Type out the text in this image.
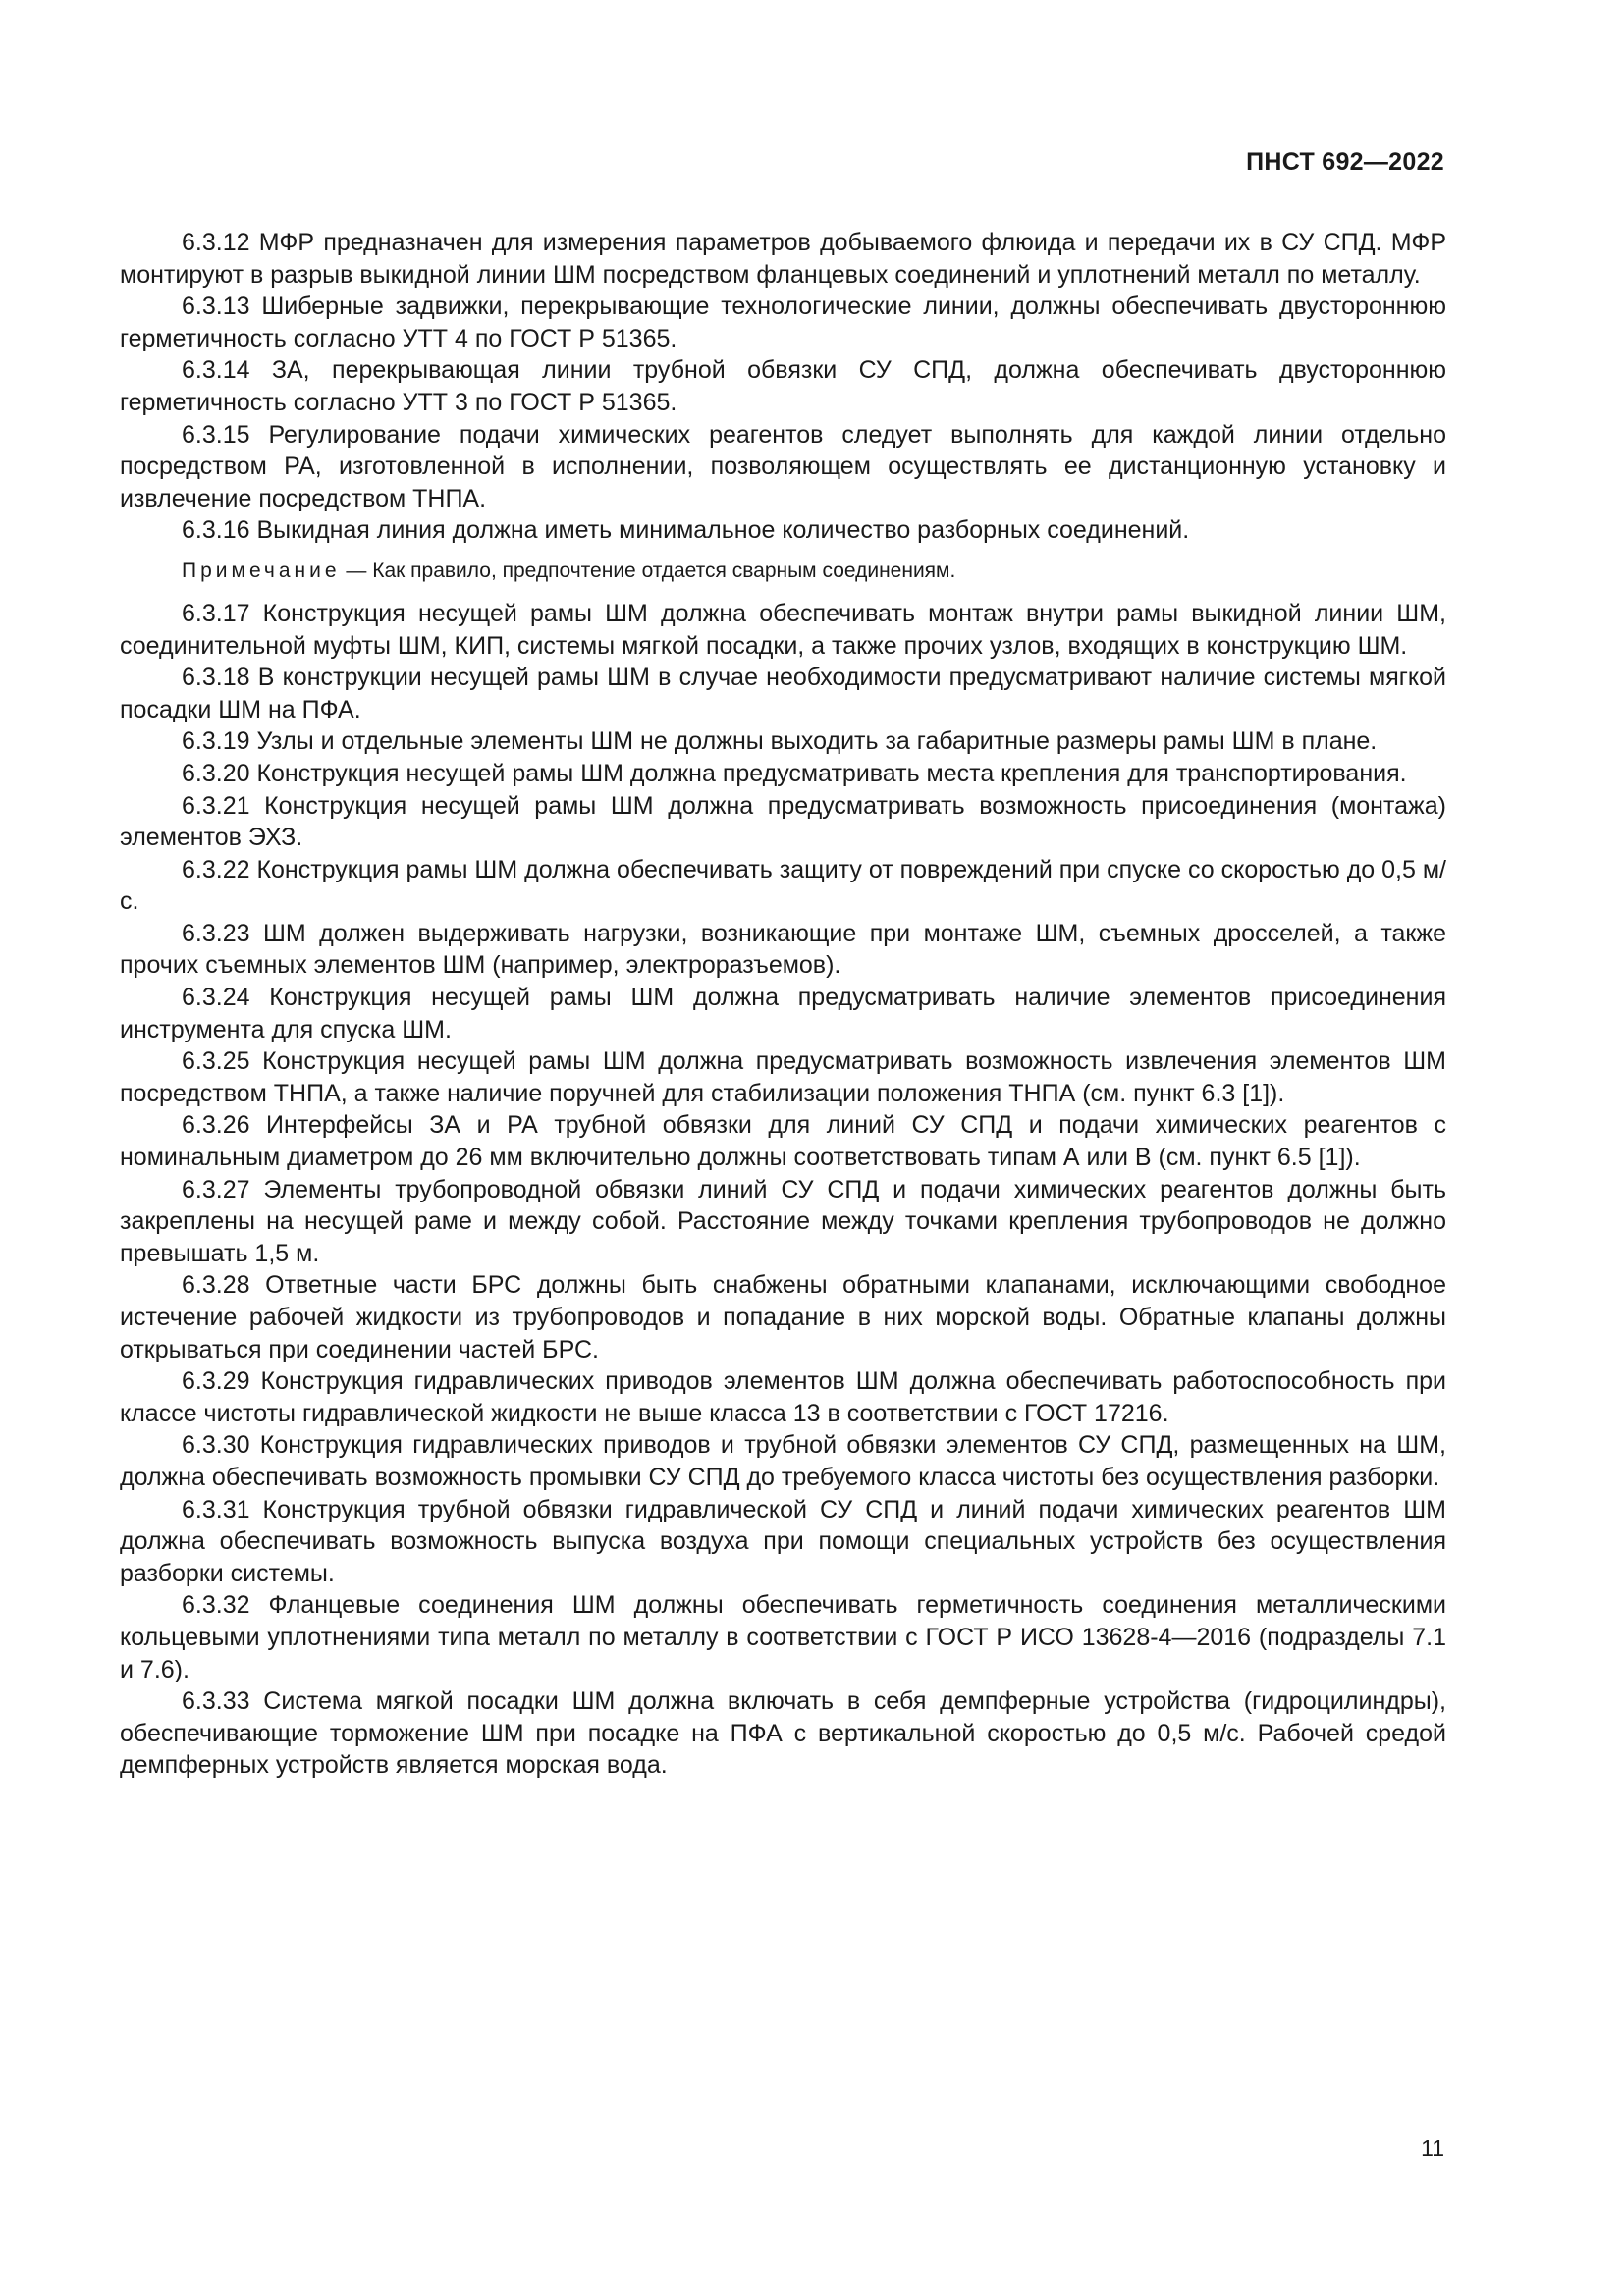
ПНСТ 692—2022

6.3.12 МФР предназначен для измерения параметров добываемого флюида и передачи их в СУ СПД. МФР монтируют в разрыв выкидной линии ШМ посредством фланцевых соединений и уплотнений металл по металлу.

6.3.13 Шиберные задвижки, перекрывающие технологические линии, должны обеспечивать двустороннюю герметичность согласно УТТ 4 по ГОСТ Р 51365.

6.3.14 ЗА, перекрывающая линии трубной обвязки СУ СПД, должна обеспечивать двустороннюю герметичность согласно УТТ 3 по ГОСТ Р 51365.

6.3.15 Регулирование подачи химических реагентов следует выполнять для каждой линии отдельно посредством РА, изготовленной в исполнении, позволяющем осуществлять ее дистанционную установку и извлечение посредством ТНПА.

6.3.16 Выкидная линия должна иметь минимальное количество разборных соединений.

Примечание — Как правило, предпочтение отдается сварным соединениям.

6.3.17 Конструкция несущей рамы ШМ должна обеспечивать монтаж внутри рамы выкидной линии ШМ, соединительной муфты ШМ, КИП, системы мягкой посадки, а также прочих узлов, входящих в конструкцию ШМ.

6.3.18 В конструкции несущей рамы ШМ в случае необходимости предусматривают наличие системы мягкой посадки ШМ на ПФА.

6.3.19 Узлы и отдельные элементы ШМ не должны выходить за габаритные размеры рамы ШМ в плане.

6.3.20 Конструкция несущей рамы ШМ должна предусматривать места крепления для транспортирования.

6.3.21 Конструкция несущей рамы ШМ должна предусматривать возможность присоединения (монтажа) элементов ЭХЗ.

6.3.22 Конструкция рамы ШМ должна обеспечивать защиту от повреждений при спуске со скоростью до 0,5 м/с.

6.3.23 ШМ должен выдерживать нагрузки, возникающие при монтаже ШМ, съемных дросселей, а также прочих съемных элементов ШМ (например, электроразъемов).

6.3.24 Конструкция несущей рамы ШМ должна предусматривать наличие элементов присоединения инструмента для спуска ШМ.

6.3.25 Конструкция несущей рамы ШМ должна предусматривать возможность извлечения элементов ШМ посредством ТНПА, а также наличие поручней для стабилизации положения ТНПА (см. пункт 6.3 [1]).

6.3.26 Интерфейсы ЗА и РА трубной обвязки для линий СУ СПД и подачи химических реагентов с номинальным диаметром до 26 мм включительно должны соответствовать типам А или В (см. пункт 6.5 [1]).

6.3.27 Элементы трубопроводной обвязки линий СУ СПД и подачи химических реагентов должны быть закреплены на несущей раме и между собой. Расстояние между точками крепления трубопроводов не должно превышать 1,5 м.

6.3.28 Ответные части БРС должны быть снабжены обратными клапанами, исключающими свободное истечение рабочей жидкости из трубопроводов и попадание в них морской воды. Обратные клапаны должны открываться при соединении частей БРС.

6.3.29 Конструкция гидравлических приводов элементов ШМ должна обеспечивать работоспособность при классе чистоты гидравлической жидкости не выше класса 13 в соответствии с ГОСТ 17216.

6.3.30 Конструкция гидравлических приводов и трубной обвязки элементов СУ СПД, размещенных на ШМ, должна обеспечивать возможность промывки СУ СПД до требуемого класса чистоты без осуществления разборки.

6.3.31 Конструкция трубной обвязки гидравлической СУ СПД и линий подачи химических реагентов ШМ должна обеспечивать возможность выпуска воздуха при помощи специальных устройств без осуществления разборки системы.

6.3.32 Фланцевые соединения ШМ должны обеспечивать герметичность соединения металлическими кольцевыми уплотнениями типа металл по металлу в соответствии с ГОСТ Р ИСО 13628-4—2016 (подразделы 7.1 и 7.6).

6.3.33 Система мягкой посадки ШМ должна включать в себя демпферные устройства (гидроцилиндры), обеспечивающие торможение ШМ при посадке на ПФА с вертикальной скоростью до 0,5 м/с. Рабочей средой демпферных устройств является морская вода.

11
